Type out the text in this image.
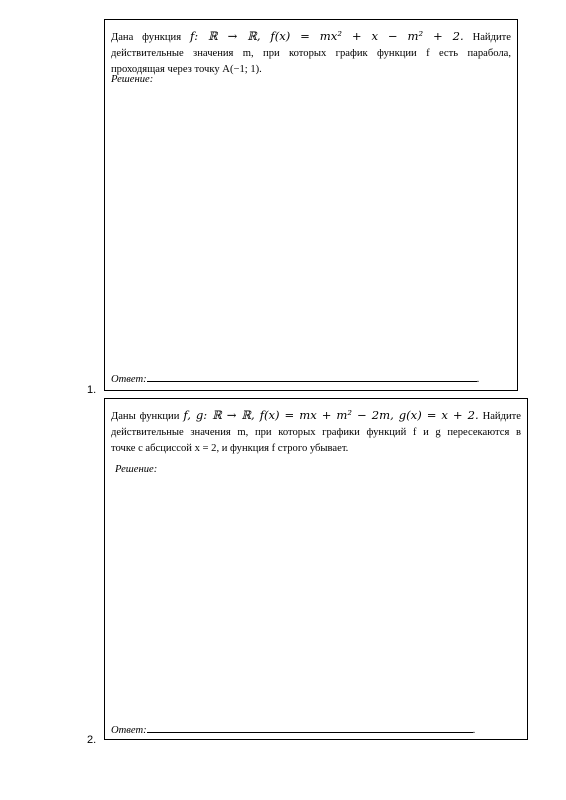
Дана функция f: ℝ → ℝ, f(x) = mx² + x − m² + 2. Найдите
действительные значения m, при которых график функции f есть парабола,
проходящая через точку A(−1; 1).
Решение:
Ответ:	.
1.
Даны функции f, g: ℝ → ℝ, f(x) = mx + m² − 2m, g(x) = x + 2. Найдите
действительные значения m, при которых графики функций f и g пересекаются в
точке с абсциссой x = 2, и функция f строго убывает.
Решение:
Ответ:	.
2.
